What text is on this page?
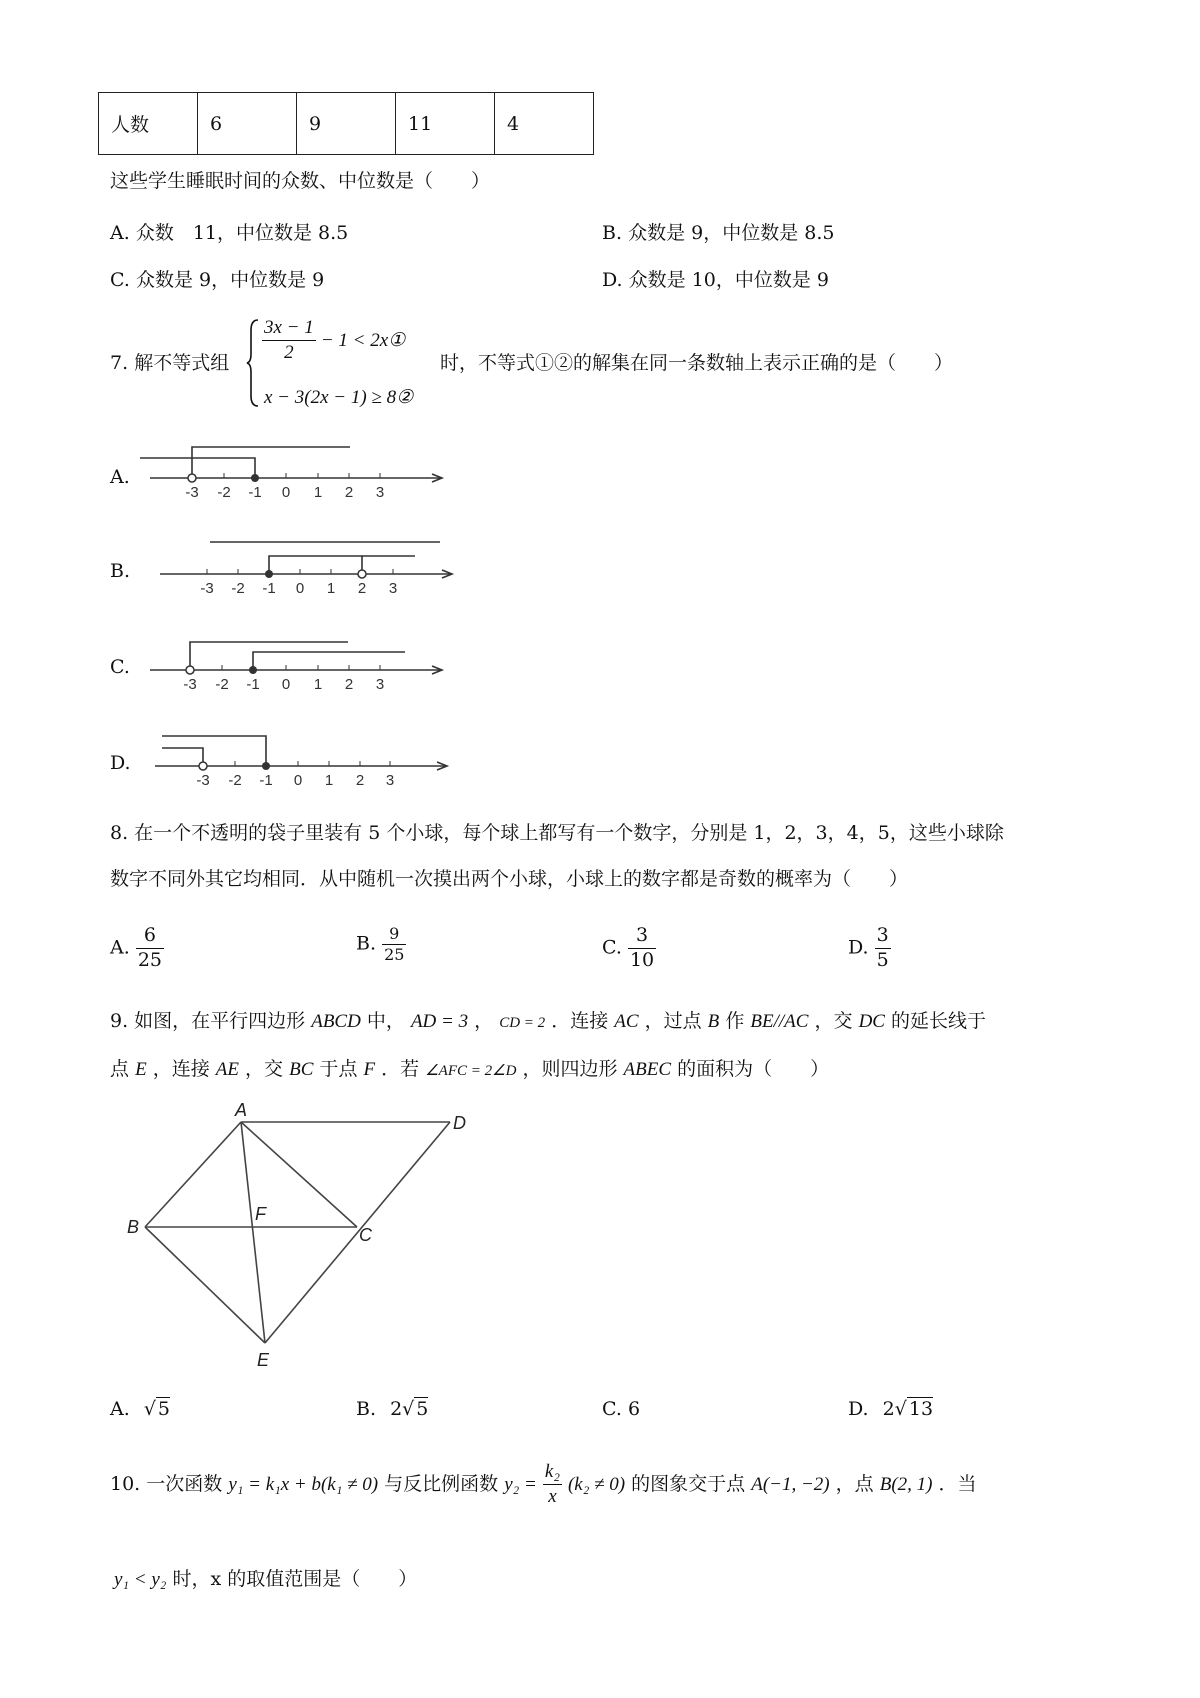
人数	6	9	11	4
这些学生睡眠时间的众数、中位数是（　　）
A. 众数　11，中位数是 8.5	B. 众数是 9，中位数是 8.5
C. 众数是 9，中位数是 9	D. 众数是 10，中位数是 9
7. 解不等式组 $\frac{3x - 1}{2} - 1$ < 2x①
x − 3(2x − 1) ≥ 8②
时，不等式①②的解集在同一条数轴上表示正确的是（　　）
A.
-3 -2 -1 0 1 2 3
B.
-3 -2 -1 0 1 2 3
C.
-3 -2 -1 0 1 2 3
D.
-3 -2 -1 0 1 2 3
8. 在一个不透明的袋子里装有 5 个小球，每个球上都写有一个数字，分别是 1，2，3，4，5，这些小球除
数字不同外其它均相同．从中随机一次摸出两个小球，小球上的数字都是奇数的概率为（　　）
A. $\frac{6}{25}$	B. $\frac{9}{25}$	C. $\frac{3}{10}$	D. $\frac{3}{5}$
9. 如图，在平行四边形 ABCD 中， AD = 3 ， CD = 2 ．连接 AC ，过点 B 作 BE//AC ，交 DC 的延长线于
点 E ，连接 AE ，交 BC 于点 F ．若 ∠AFC = 2∠D ，则四边形 ABEC 的面积为（　　）
A
B	C
D
E
F
A. √ 5	B. 2√ 5	C. 6	D. 2√ 13
10. 一次函数 y₁ = k₁x + b(k₁ ≠ 0) 与反比例函数 $y_2 = \frac{\text{k₂}}{x} (k_2 \ne 0)$ 的图象交于点 A(−1, −2) ，点 B(2, 1) ．当
y₁ < y₂ 时，x 的取值范围是（　　）
